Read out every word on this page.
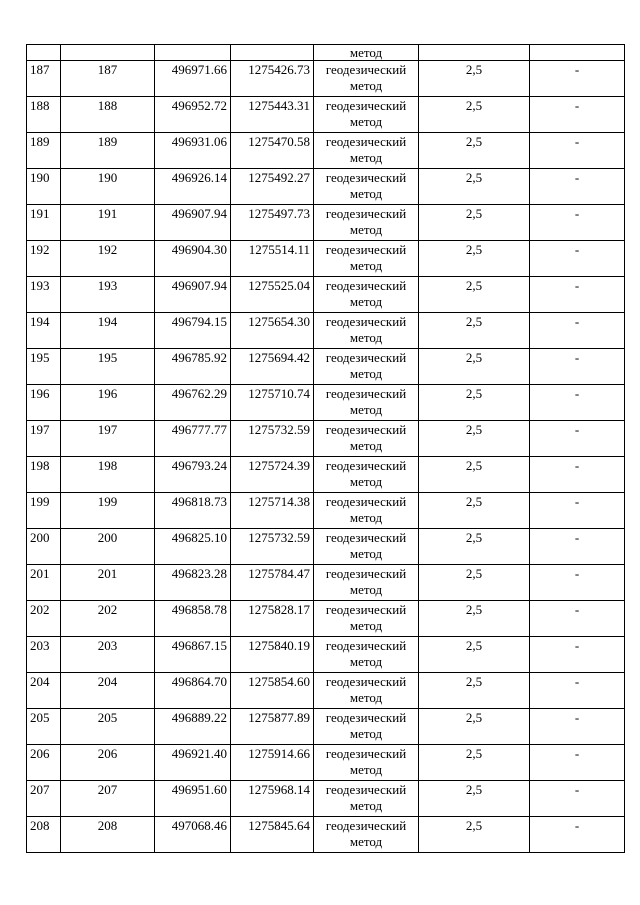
				метод		

187	187	496971.66	1275426.73	геодезический
метод	2,5	-
188	188	496952.72	1275443.31	геодезический
метод	2,5	-
189	189	496931.06	1275470.58	геодезический
метод	2,5	-
190	190	496926.14	1275492.27	геодезический
метод	2,5	-
191	191	496907.94	1275497.73	геодезический
метод	2,5	-
192	192	496904.30	1275514.11	геодезический
метод	2,5	-
193	193	496907.94	1275525.04	геодезический
метод	2,5	-
194	194	496794.15	1275654.30	геодезический
метод	2,5	-
195	195	496785.92	1275694.42	геодезический
метод	2,5	-
196	196	496762.29	1275710.74	геодезический
метод	2,5	-
197	197	496777.77	1275732.59	геодезический
метод	2,5	-
198	198	496793.24	1275724.39	геодезический
метод	2,5	-
199	199	496818.73	1275714.38	геодезический
метод	2,5	-
200	200	496825.10	1275732.59	геодезический
метод	2,5	-
201	201	496823.28	1275784.47	геодезический
метод	2,5	-
202	202	496858.78	1275828.17	геодезический
метод	2,5	-
203	203	496867.15	1275840.19	геодезический
метод	2,5	-
204	204	496864.70	1275854.60	геодезический
метод	2,5	-
205	205	496889.22	1275877.89	геодезический
метод	2,5	-
206	206	496921.40	1275914.66	геодезический
метод	2,5	-
207	207	496951.60	1275968.14	геодезический
метод	2,5	-
208	208	497068.46	1275845.64	геодезический
метод	2,5	-
